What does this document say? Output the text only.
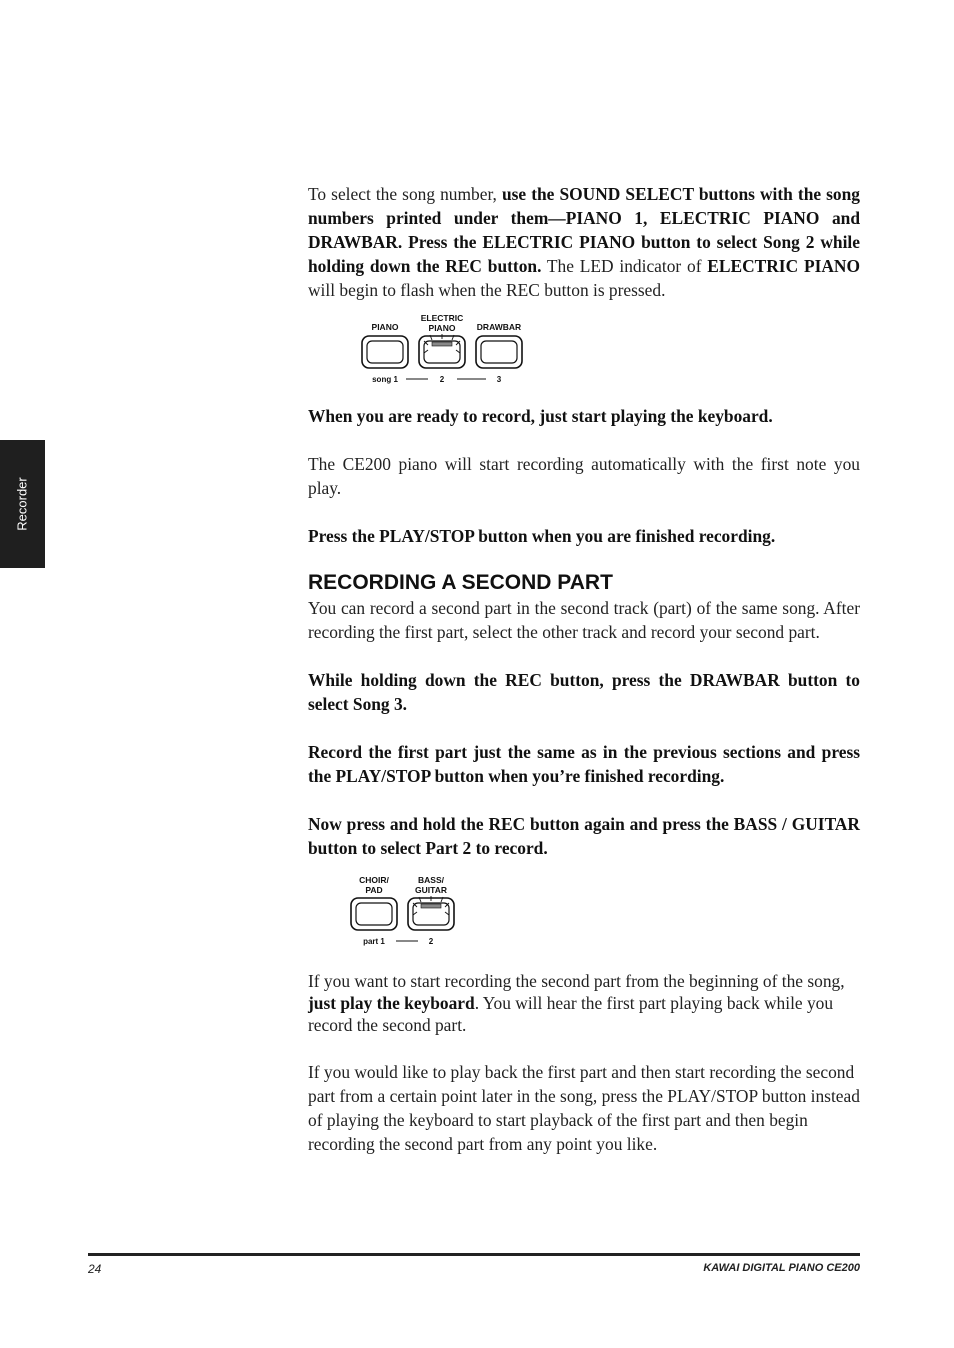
Recorder

To select the song number, use the SOUND SELECT buttons with the song numbers printed under them—PIANO 1, ELECTRIC PIANO and DRAWBAR. Press the ELECTRIC PIANO button to select Song 2 while holding down the REC button. The LED indicator of ELECTRIC PIANO will begin to flash when the REC button is pressed.

PIANO
ELECTRIC
PIANO	DRAWBAR
song 1	2	3

When you are ready to record, just start playing the keyboard.

The CE200 piano will start recording automatically with the first note you play.

Press the PLAY/STOP button when you are finished recording.

RECORDING A SECOND PART

You can record a second part in the second track (part) of the same song. After recording the first part, select the other track and record your second part.

While holding down the REC button, press the DRAWBAR button to select Song 3.

Record the first part just the same as in the previous sections and press the PLAY/STOP button when you’re finished recording.

Now press and hold the REC button again and press the BASS / GUITAR button to select Part 2 to record.

CHOIR/
PAD
BASS/
GUITAR
part 1	2

If you want to start recording the second part from the beginning of the song, just play the keyboard. You will hear the first part playing back while you record the second part.

If you would like to play back the first part and then start recording the second part from a certain point later in the song, press the PLAY/STOP button instead of playing the keyboard to start playback of the first part and then begin recording the second part from any point you like.

24	KAWAI DIGITAL PIANO CE200
